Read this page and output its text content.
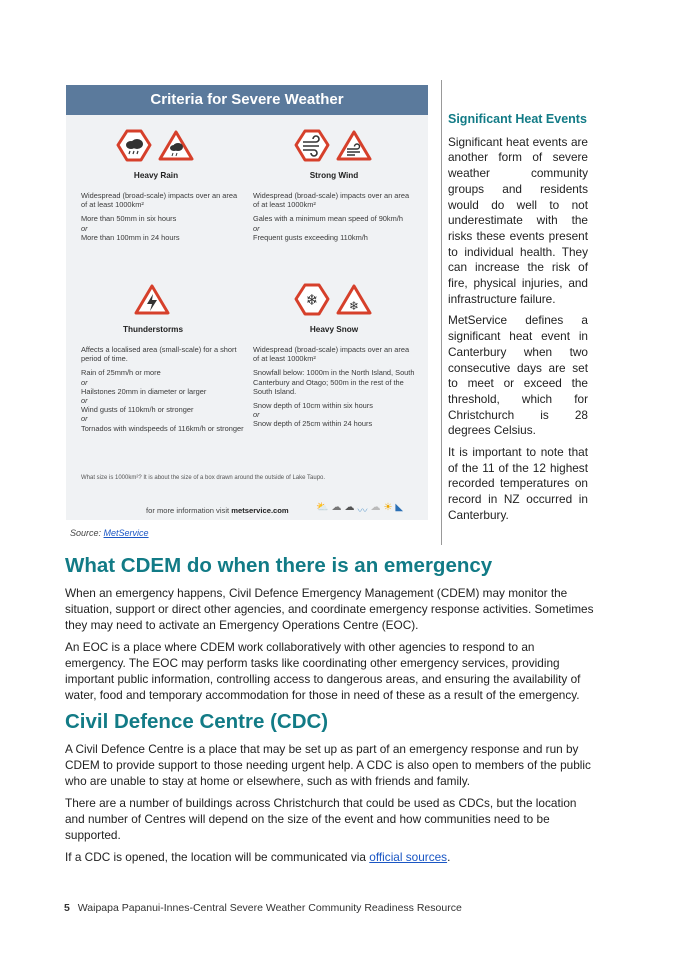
Criteria for Severe Weather
Heavy Rain

Widespread (broad-scale) impacts over an area of at least 1000km²

More than 50mm in six hours
or
More than 100mm in 24 hours
Strong Wind

Widespread (broad-scale) impacts over an area of at least 1000km²

Gales with a minimum mean speed of 90km/h
or
Frequent gusts exceeding 110km/h
Thunderstorms

Affects a localised area (small-scale) for a short period of time.

Rain of 25mm/h or more
or
Hailstones 20mm in diameter or larger
or
Wind gusts of 110km/h or stronger
or
Tornados with windspeeds of 116km/h or stronger
❄	❄
Heavy Snow

Widespread (broad-scale) impacts over an area of at least 1000km²

Snowfall below: 1000m in the North Island, South Canterbury and Otago; 500m in the rest of the South Island.

Snow depth of 10cm within six hours
or
Snow depth of 25cm within 24 hours
What size is 1000km²? It is about the size of a box drawn around the outside of Lake Taupo.
for more information visit metservice.com	⛅ ☁ ☁ 〰 ☁ ☀ ◣
Source: MetService
Significant Heat Events

Significant heat events are another form of severe weather community groups and residents would do well to not underestimate with the risks these events present to individual health. They can increase the risk of fire, physical injuries, and infrastructure failure.

MetService defines a significant heat event in Canterbury when two consecutive days are set to meet or exceed the threshold, which for Christchurch is 28 degrees Celsius.

It is important to note that of the 11 of the 12 highest recorded temperatures on record in NZ occurred in Canterbury.

What CDEM do when there is an emergency

When an emergency happens, Civil Defence Emergency Management (CDEM) may monitor the situation, support or direct other agencies, and coordinate emergency response activities. Sometimes they may need to activate an Emergency Operations Centre (EOC).

An EOC is a place where CDEM work collaboratively with other agencies to respond to an emergency. The EOC may perform tasks like coordinating other emergency services, providing important public information, controlling access to dangerous areas, and ensuring the availability of water, food and temporary accommodation for those in need of these as a result of the emergency.

Civil Defence Centre (CDC)

A Civil Defence Centre is a place that may be set up as part of an emergency response and run by CDEM to provide support to those needing urgent help. A CDC is also open to members of the public who are unable to stay at home or elsewhere, such as with friends and family.

There are a number of buildings across Christchurch that could be used as CDCs, but the location and number of Centres will depend on the size of the event and how communities need to be supported.

If a CDC is opened, the location will be communicated via official sources.

5 Waipapa Papanui-Innes-Central Severe Weather Community Readiness Resource
